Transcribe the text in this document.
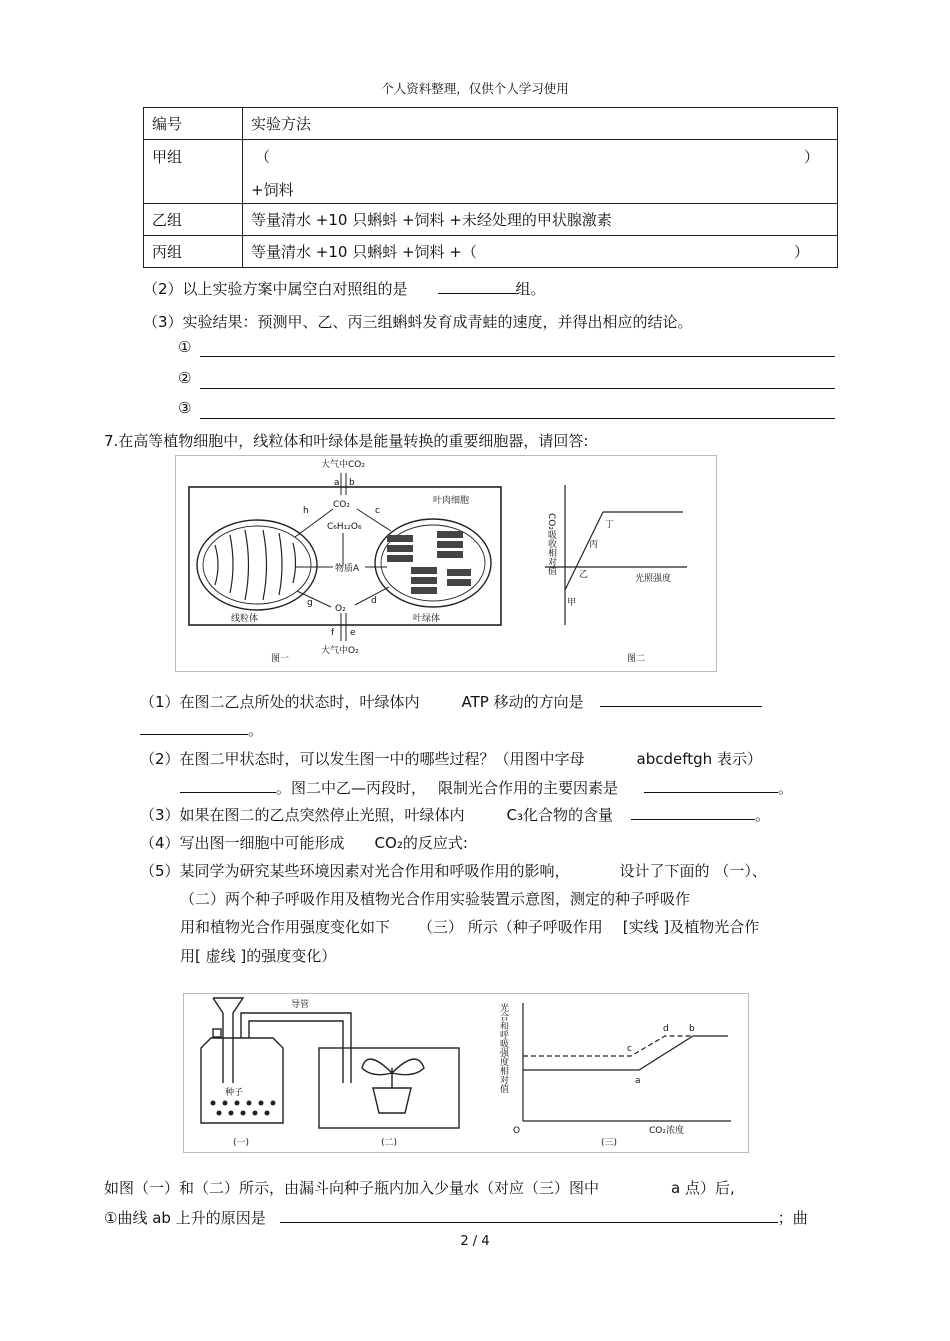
个人资料整理，仅供个人学习使用
编号	实验方法
甲组	（ ）
+饲料

乙组	等量清水 +10 只蝌蚪 +饲料 +未经处理的甲状腺激素
丙组	等量清水 +10 只蝌蚪 +饲料 +（ ）
（2）以上实验方案中属空白对照组的是	组。
（3）实验结果：预测甲、乙、丙三组蝌蚪发育成青蛙的速度，并得出相应的结论。
①
②
③
7.在高等植物细胞中，线粒体和叶绿体是能量转换的重要细胞器，请回答:
大气中CO₂
a b
CO₂
h	c
C₆H₁₂O₆
叶肉细胞
物质A
g	d
O₂
f e
线粒体	叶绿体
大气中O₂
图一
CO₂吸收相对值
光照强度
甲
乙
丙
丁
图二
（1）在图二乙点所处的状态时，叶绿体内	ATP 移动的方向是
。
（2）在图二甲状态时，可以发生图一中的哪些过程？（用图中字母	abcdeftgh 表示）
。图二中乙—丙段时， 限制光合作用的主要因素是	。
（3）如果在图二的乙点突然停止光照，叶绿体内	C₃化合物的含量	。
（4）写出图一细胞中可能形成 CO₂的反应式:
（5）某同学为研究某些环境因素对光合作用和呼吸作用的影响，	设计了下面的 （一）、
（二）两个种子呼吸作用及植物光合作用实验装置示意图，测定的种子呼吸作
用和植物光合作用强度变化如下 （三） 所示（种子呼吸作用 [实线 ]及植物光合作
用[ 虚线 ]的强度变化）
导管
种子
(一)	(二)	(三)
光合和呼吸强度相对值
O	CO₂浓度
a
b
c
d
如图（一）和（二）所示，由漏斗向种子瓶内加入少量水（对应（三）图中	a 点）后,
①曲线 ab 上升的原因是	；曲
2 / 4
